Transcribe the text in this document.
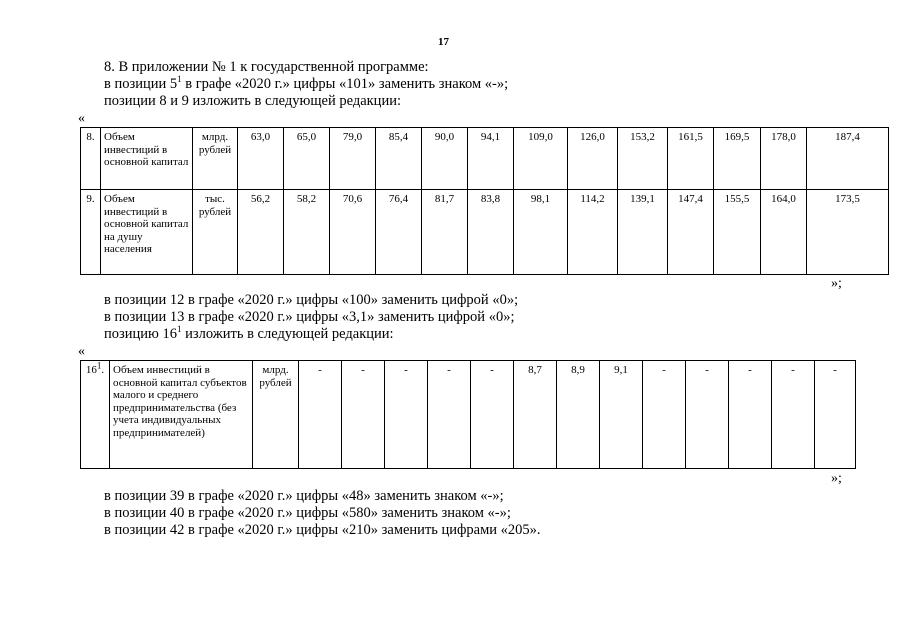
17
8. В приложении № 1 к государственной программе:
в позиции $5^1$ в графе «2020 г.» цифры «101» заменить знаком «-»;
позиции 8 и 9 изложить в следующей редакции:
«
8.	Объем инвестиций в основной капитал	млрд. рублей	63,0	65,0	79,0	85,4	90,0	94,1	109,0	126,0	153,2	161,5	169,5	178,0	187,4
9.	Объем инвестиций в основной капитал на душу населения	тыс. рублей	56,2	58,2	70,6	76,4	81,7	83,8	98,1	114,2	139,1	147,4	155,5	164,0	173,5
»;
в позиции 12 в графе «2020 г.» цифры «100» заменить цифрой «0»;
в позиции 13 в графе «2020 г.» цифры «3,1» заменить цифрой «0»;
позицию $16^1$ изложить в следующей редакции:
«
$16^1$.	Объем инвестиций в основной капитал субъектов малого и среднего предпринимательства (без учета индивидуальных предпринимателей)	млрд. рублей	-	-	-	-	-	8,7	8,9	9,1	-	-	-	-	-
»;
в позиции 39 в графе «2020 г.» цифры «48» заменить знаком «-»;
в позиции 40 в графе «2020 г.» цифры «580» заменить знаком «-»;
в позиции 42 в графе «2020 г.» цифры «210» заменить цифрами «205».
